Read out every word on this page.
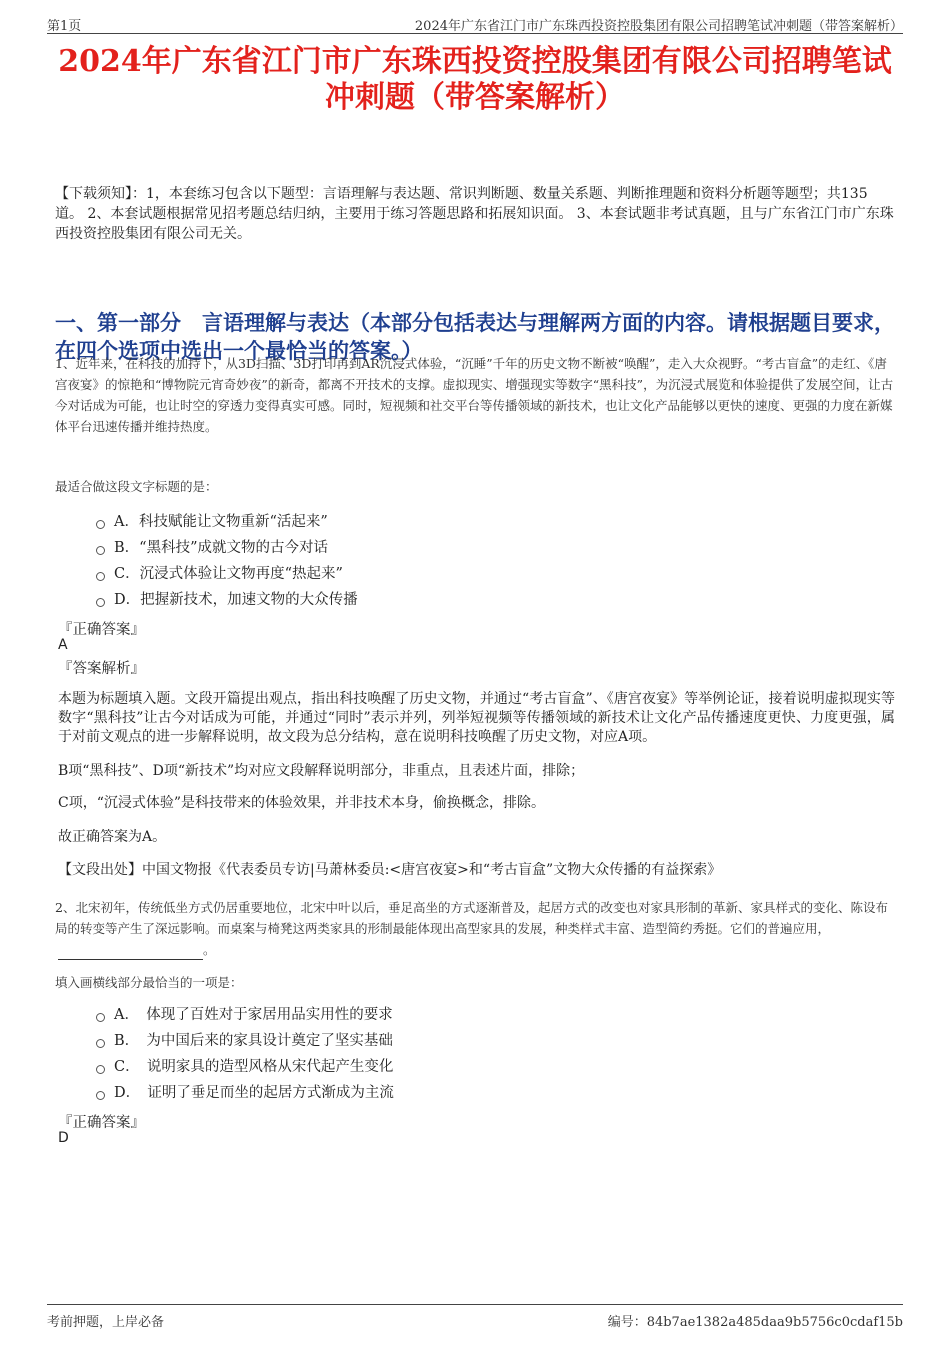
第1页	2024年广东省江门市广东珠西投资控股集团有限公司招聘笔试冲刺题（带答案解析）
2024年广东省江门市广东珠西投资控股集团有限公司招聘笔试冲刺题（带答案解析）

【下载须知】：1，本套练习包含以下题型：言语理解与表达题、常识判断题、数量关系题、判断推理题和资料分析题等题型；共135道。 2、本套试题根据常见招考题总结归纳，主要用于练习答题思路和拓展知识面。 3、本套试题非考试真题，且与广东省江门市广东珠西投资控股集团有限公司无关。

一、第一部分　言语理解与表达（本部分包括表达与理解两方面的内容。请根据题目要求，在四个选项中选出一个最恰当的答案。）

1、近年来，在科技的加持下，从3D扫描、3D打印再到AR沉浸式体验，“沉睡”千年的历史文物不断被“唤醒”，走入大众视野。“考古盲盒”的走红、《唐宫夜宴》的惊艳和“博物院元宵奇妙夜”的新奇，都离不开技术的支撑。虚拟现实、增强现实等数字“黑科技”，为沉浸式展览和体验提供了发展空间，让古今对话成为可能，也让时空的穿透力变得真实可感。同时，短视频和社交平台等传播领域的新技术，也让文化产品能够以更快的速度、更强的力度在新媒体平台迅速传播并维持热度。

最适合做这段文字标题的是：

A．科技赋能让文物重新“活起来”
B．“黑科技”成就文物的古今对话
C．沉浸式体验让文物再度“热起来”
D．把握新技术，加速文物的大众传播
『正确答案』
A
『答案解析』

本题为标题填入题。文段开篇提出观点，指出科技唤醒了历史文物，并通过“考古盲盒”、《唐宫夜宴》等举例论证，接着说明虚拟现实等数字“黑科技”让古今对话成为可能，并通过“同时”表示并列，列举短视频等传播领域的新技术让文化产品传播速度更快、力度更强，属于对前文观点的进一步解释说明，故文段为总分结构，意在说明科技唤醒了历史文物，对应A项。

B项“黑科技”、D项“新技术”均对应文段解释说明部分，非重点，且表述片面，排除；

C项，“沉浸式体验”是科技带来的体验效果，并非技术本身，偷换概念，排除。

故正确答案为A。

【文段出处】中国文物报《代表委员专访|马萧林委员:<唐宫夜宴>和“考古盲盒”文物大众传播的有益探索》

2、北宋初年，传统低坐方式仍居重要地位，北宋中叶以后，垂足高坐的方式逐渐普及，起居方式的改变也对家具形制的革新、家具样式的变化、陈设布局的转变等产生了深远影响。而桌案与椅凳这两类家具的形制最能体现出高型家具的发展，种类样式丰富、造型简约秀挺。它们的普遍应用，。

填入画横线部分最恰当的一项是：

A．　体现了百姓对于家居用品实用性的要求
B．　为中国后来的家具设计奠定了坚实基础
C．　说明家具的造型风格从宋代起产生变化
D．　证明了垂足而坐的起居方式渐成为主流
『正确答案』
D
考前押题，上岸必备	编号：84b7ae1382a485daa9b5756c0cdaf15b
